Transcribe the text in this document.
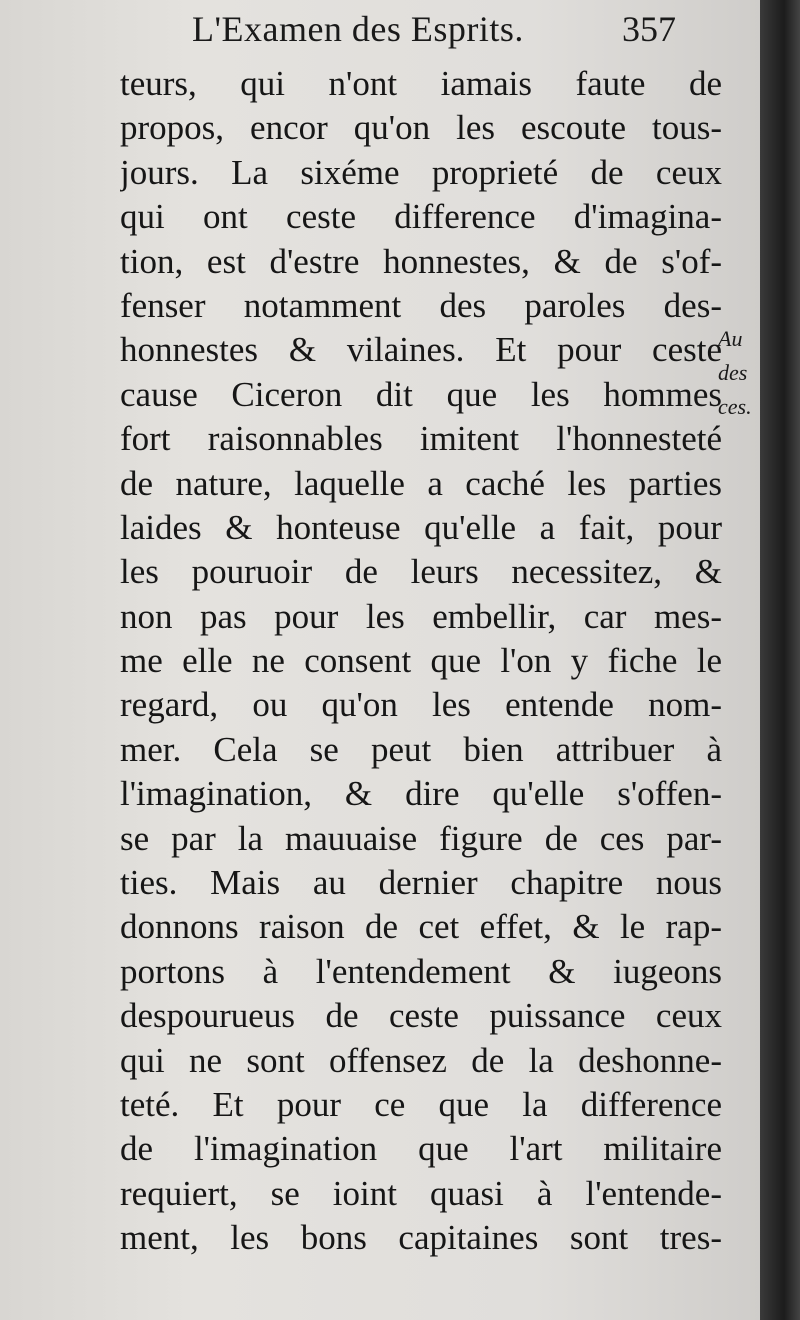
L'Examen des Esprits.	357
teurs, qui n'ont iamais faute de
propos, encor qu'on les escoute tous-
jours. La sixéme proprieté de ceux
qui ont ceste difference d'imagina-
tion, est d'estre honnestes, & de s'of-
fenser notamment des paroles des-
honnestes & vilaines. Et pour ceste
cause Ciceron dit que les hommes
fort raisonnables imitent l'honnesteté
de nature, laquelle a caché les parties
laides & honteuse qu'elle a fait, pour
les pouruoir de leurs necessitez, &
non pas pour les embellir, car mes-
me elle ne consent que l'on y fiche le
regard, ou qu'on les entende nom-
mer. Cela se peut bien attribuer à
l'imagination, & dire qu'elle s'offen-
se par la mauuaise figure de ces par-
ties. Mais au dernier chapitre nous
donnons raison de cet effet, & le rap-
portons à l'entendement & iugeons
despourueus de ceste puissance ceux
qui ne sont offensez de la deshonne-
teté. Et pour ce que la difference
de l'imagination que l'art militaire
requiert, se ioint quasi à l'entende-
ment, les bons capitaines sont tres-
Au
des
ces.
